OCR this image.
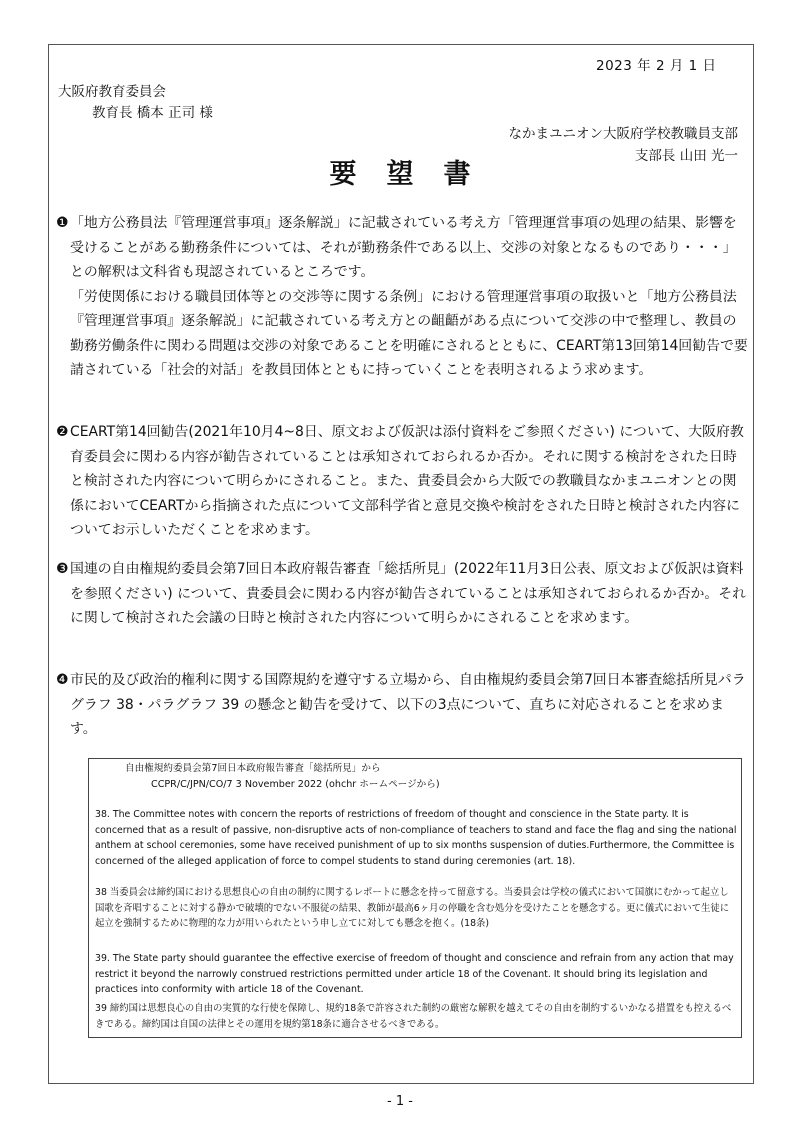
2023 年 2 月 1 日
大阪府教育委員会
教育長 橋本 正司 様
なかまユニオン大阪府学校教職員支部
支部長 山田 光一
要望書
❶ 「地方公務員法『管理運営事項』逐条解説」に記載されている考え方「管理運営事項の処理の結果、影響を受けることがある勤務条件については、それが勤務条件である以上、交渉の対象となるものであり・・・」との解釈は文科省も現認されているところです。

「労使関係における職員団体等との交渉等に関する条例」における管理運営事項の取扱いと「地方公務員法『管理運営事項』逐条解説」に記載されている考え方との齟齬がある点について交渉の中で整理し、教員の勤務労働条件に関わる問題は交渉の対象であることを明確にされるとともに、CEART第13回第14回勧告で要請されている「社会的対話」を教員団体とともに持っていくことを表明されるよう求めます。

❷ CEART第14回勧告(2021年10月4~8日、原文および仮訳は添付資料をご参照ください) について、大阪府教育委員会に関わる内容が勧告されていることは承知されておられるか否か。それに関する検討をされた日時と検討された内容について明らかにされること。また、貴委員会から大阪での教職員なかまユニオンとの関係においてCEARTから指摘された点について文部科学省と意見交換や検討をされた日時と検討された内容についてお示しいただくことを求めます。

❸ 国連の自由権規約委員会第7回日本政府報告審査「総括所見」(2022年11月3日公表、原文および仮訳は資料を参照ください) について、貴委員会に関わる内容が勧告されていることは承知されておられるか否か。それに関して検討された会議の日時と検討された内容について明らかにされることを求めます。

❹ 市民的及び政治的権利に関する国際規約を遵守する立場から、自由権規約委員会第7回日本審査総括所見パラグラフ 38・パラグラフ 39 の懸念と勧告を受けて、以下の3点について、直ちに対応されることを求めます。

自由権規約委員会第7回日本政府報告審査「総括所見」から
CCPR/C/JPN/CO/7 3 November 2022 (ohchr ホームページから)
38. The Committee notes with concern the reports of restrictions of freedom of thought and conscience in the State party. It is concerned that as a result of passive, non-disruptive acts of non-compliance of teachers to stand and face the flag and sing the national anthem at school ceremonies, some have received punishment of up to six months suspension of duties.Furthermore, the Committee is concerned of the alleged application of force to compel students to stand during ceremonies (art. 18).
38 当委員会は締約国における思想良心の自由の制約に関するレポートに懸念を持って留意する。当委員会は学校の儀式において国旗にむかって起立し国歌を斉唱することに対する静かで破壊的でない不服従の結果、教師が最高6ヶ月の停職を含む処分を受けたことを懸念する。更に儀式において生徒に起立を強制するために物理的な力が用いられたという申し立てに対しても懸念を抱く。(18条)
39. The State party should guarantee the effective exercise of freedom of thought and conscience and refrain from any action that may restrict it beyond the narrowly construed restrictions permitted under article 18 of the Covenant. It should bring its legislation and practices into conformity with article 18 of the Covenant.
39 締約国は思想良心の自由の実質的な行使を保障し、規約18条で許容された制約の厳密な解釈を越えてその自由を制約するいかなる措置をも控えるべきである。締約国は自国の法律とその運用を規約第18条に適合させるべきである。
- 1 -
